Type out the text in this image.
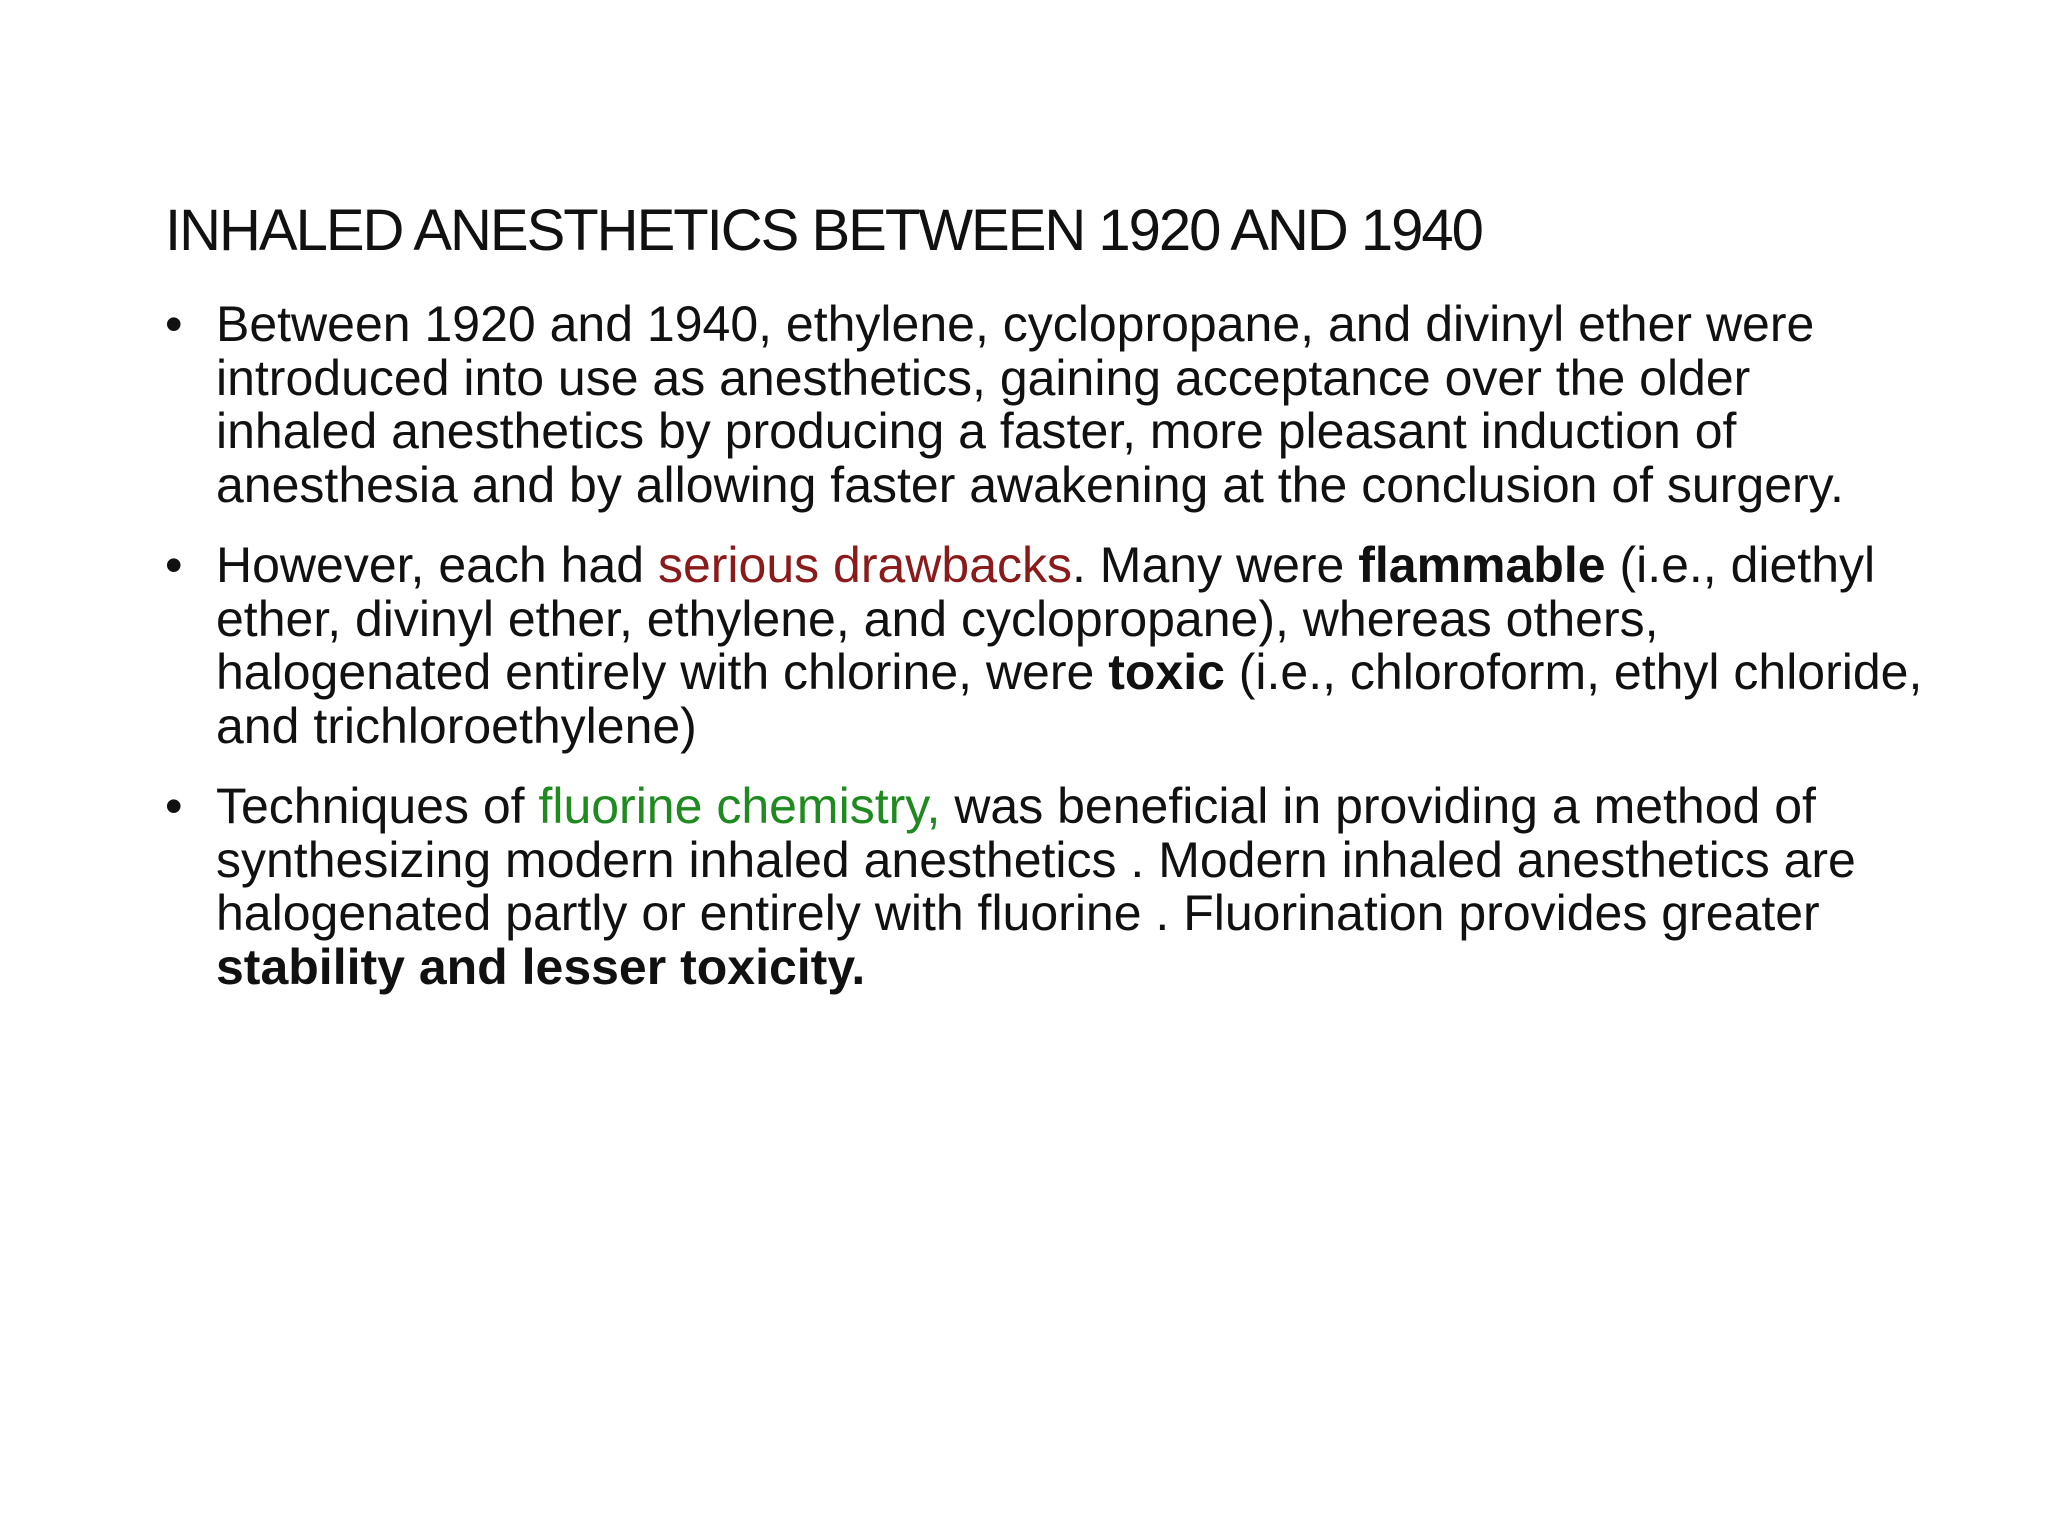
INHALED ANESTHETICS BETWEEN 1920 AND 1940
• Between 1920 and 1940, ethylene, cyclopropane, and divinyl ether were introduced into use as anesthetics, gaining acceptance over the older inhaled anesthetics by producing a faster, more pleasant induction of anesthesia and by allowing faster awakening at the conclusion of surgery.
• However, each had serious drawbacks. Many were flammable (i.e., diethyl ether, divinyl ether, ethylene, and cyclopropane), whereas others, halogenated entirely with chlorine, were toxic (i.e., chloroform, ethyl chloride, and trichloroethylene)
• Techniques of fluorine chemistry, was beneficial in providing a method of synthesizing modern inhaled anesthetics . Modern inhaled anesthetics are halogenated partly or entirely with fluorine . Fluorination provides greater stability and lesser toxicity.
